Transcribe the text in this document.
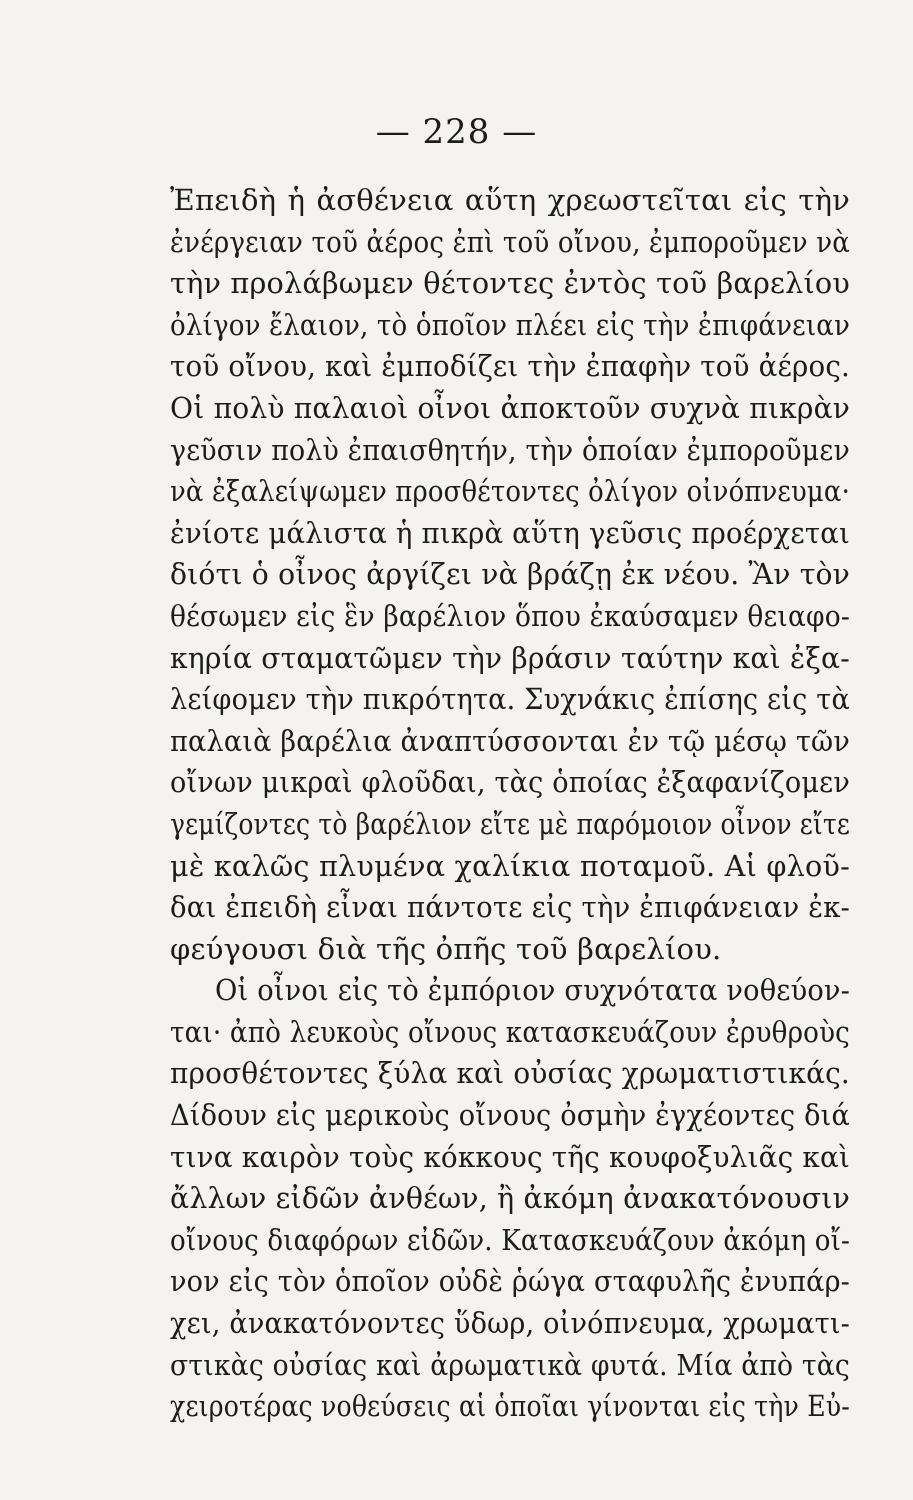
— 228 —
Ἐπειδὴ ἡ ἀσθένεια αὕτη χρεωστεῖται εἰς τὴν
ἐνέργειαν τοῦ ἀέρος ἐπὶ τοῦ οἴνου, ἐμποροῦμεν νὰ
τὴν προλάβωμεν θέτοντες ἐντὸς τοῦ βαρελίου
ὀλίγον ἔλαιον, τὸ ὁποῖον πλέει εἰς τὴν ἐπιφάνειαν
τοῦ οἴνου, καὶ ἐμποδίζει τὴν ἐπαφὴν τοῦ ἀέρος.
Οἱ πολὺ παλαιοὶ οἶνοι ἀποκτοῦν συχνὰ πικρὰν
γεῦσιν πολὺ ἐπαισθητήν, τὴν ὁποίαν ἐμποροῦμεν
νὰ ἐξαλείψωμεν προσθέτοντες ὀλίγον οἰνόπνευμα·
ἐνίοτε μάλιστα ἡ πικρὰ αὕτη γεῦσις προέρχεται
διότι ὁ οἶνος ἀργίζει νὰ βράζῃ ἐκ νέου. Ἂν τὸν
θέσωμεν εἰς ἓν βαρέλιον ὅπου ἐκαύσαμεν θειαφο-
κηρία σταματῶμεν τὴν βράσιν ταύτην καὶ ἐξα-
λείφομεν τὴν πικρότητα. Συχνάκις ἐπίσης εἰς τὰ
παλαιὰ βαρέλια ἀναπτύσσονται ἐν τῷ μέσῳ τῶν
οἴνων μικραὶ φλοῦδαι, τὰς ὁποίας ἐξαφανίζομεν
γεμίζοντες τὸ βαρέλιον εἴτε μὲ παρόμοιον οἶνον εἴτε
μὲ καλῶς πλυμένα χαλίκια ποταμοῦ. Αἱ φλοῦ-
δαι ἐπειδὴ εἶναι πάντοτε εἰς τὴν ἐπιφάνειαν ἐκ-
φεύγουσι διὰ τῆς ὀπῆς τοῦ βαρελίου.
Οἱ οἶνοι εἰς τὸ ἐμπόριον συχνότατα νοθεύον-
ται· ἀπὸ λευκοὺς οἴνους κατασκευάζουν ἐρυθροὺς
προσθέτοντες ξύλα καὶ οὐσίας χρωματιστικάς.
Δίδουν εἰς μερικοὺς οἴνους ὀσμὴν ἐγχέοντες διά
τινα καιρὸν τοὺς κόκκους τῆς κουφοξυλιᾶς καὶ
ἄλλων εἰδῶν ἀνθέων, ἢ ἀκόμη ἀνακατόνουσιν
οἴνους διαφόρων εἰδῶν. Κατασκευάζουν ἀκόμη οἴ-
νον εἰς τὸν ὁποῖον οὐδὲ ῥώγα σταφυλῆς ἐνυπάρ-
χει, ἀνακατόνοντες ὕδωρ, οἰνόπνευμα, χρωματι-
στικὰς οὐσίας καὶ ἀρωματικὰ φυτά. Μία ἀπὸ τὰς
χειροτέρας νοθεύσεις αἱ ὁποῖαι γίνονται εἰς τὴν Εὐ-
